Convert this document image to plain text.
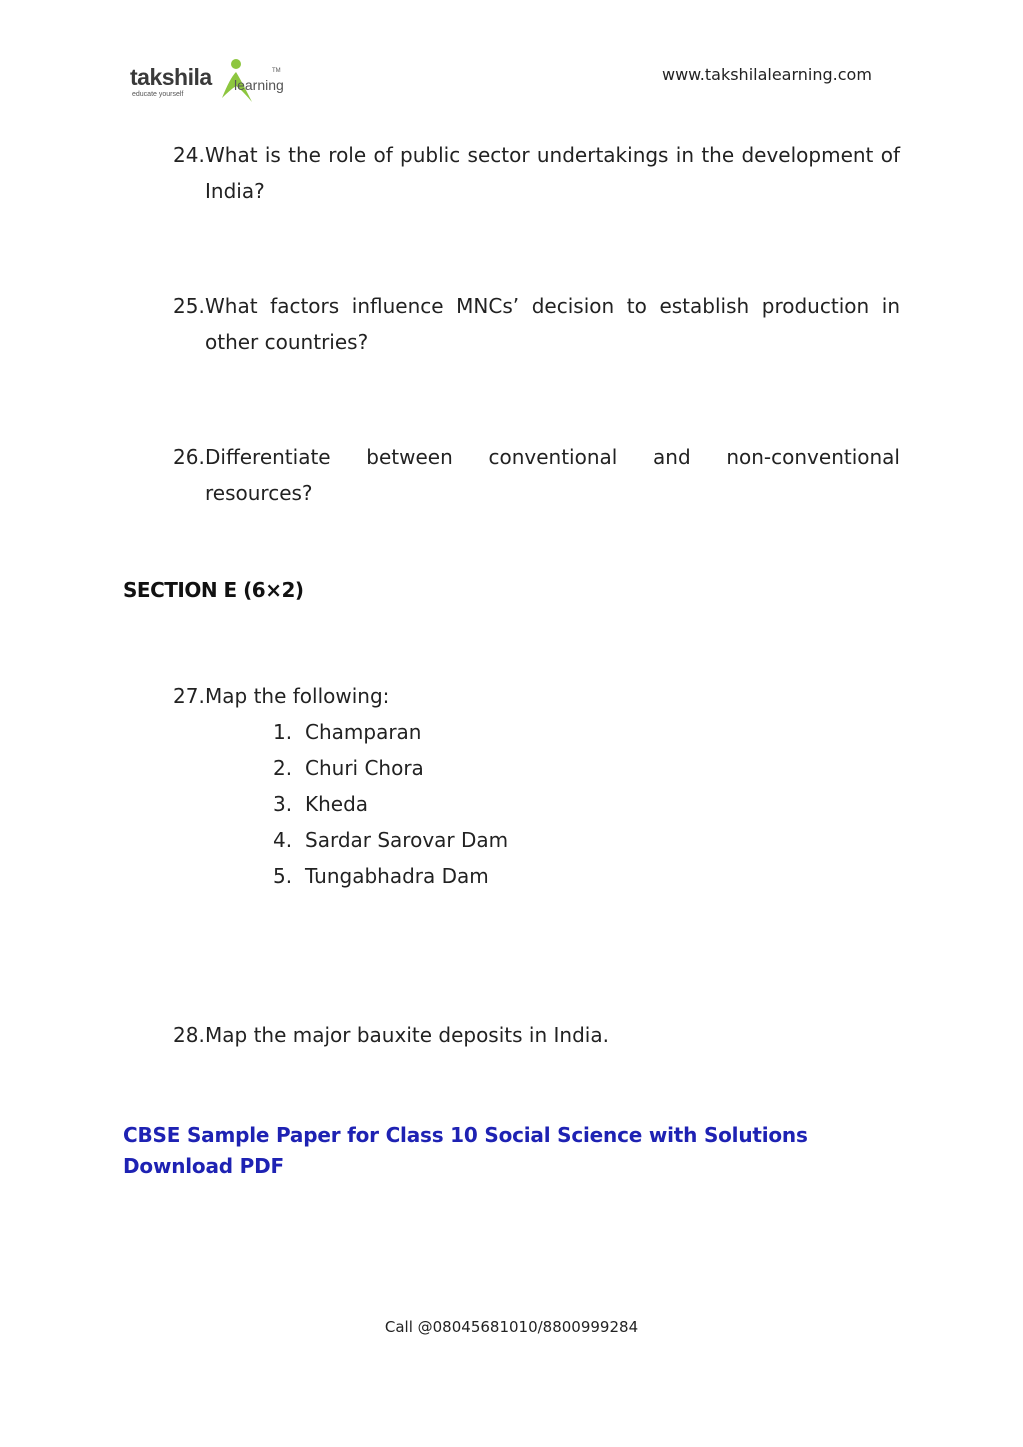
takshila learning
TM
educate yourself
www.takshilalearning.com
24. What is the role of public sector undertakings in the development of India?
25. What factors influence MNCs’ decision to establish production in other countries?
26. Differentiate between conventional and non-conventional resources?
SECTION E (6×2)
27. Map the following:
1. Champaran
2. Churi Chora
3. Kheda
4. Sardar Sarovar Dam
5. Tungabhadra Dam
28. Map the major bauxite deposits in India.
CBSE Sample Paper for Class 10 Social Science with Solutions Download PDF
Call @08045681010/8800999284
